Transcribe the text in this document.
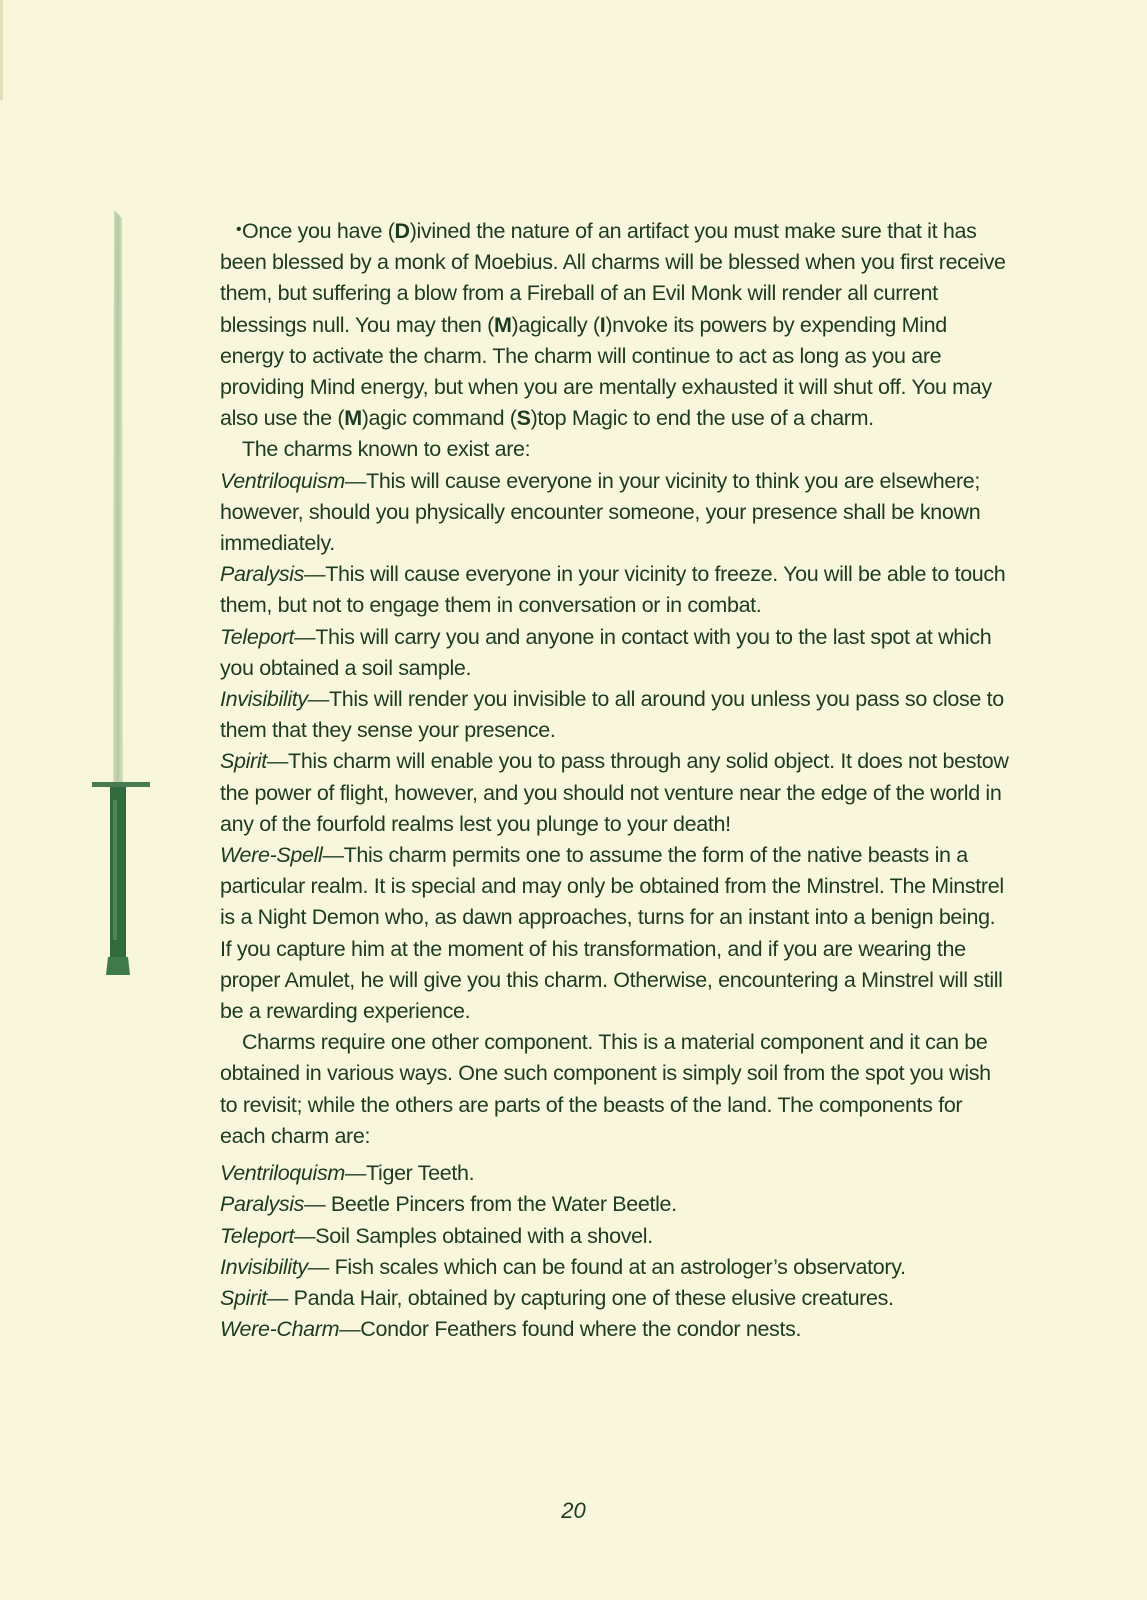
• Once you have (D)ivined the nature of an artifact you must make sure that it has been blessed by a monk of Moebius. All charms will be blessed when you first receive them, but suffering a blow from a Fireball of an Evil Monk will render all current blessings null. You may then (M)agically (I)nvoke its powers by expending Mind energy to activate the charm. The charm will continue to act as long as you are providing Mind energy, but when you are mentally exhausted it will shut off. You may also use the (M)agic command (S)top Magic to end the use of a charm.

The charms known to exist are:

Ventriloquism—This will cause everyone in your vicinity to think you are elsewhere; however, should you physically encounter someone, your presence shall be known immediately.

Paralysis—This will cause everyone in your vicinity to freeze. You will be able to touch them, but not to engage them in conversation or in combat.

Teleport—This will carry you and anyone in contact with you to the last spot at which you obtained a soil sample.

Invisibility—This will render you invisible to all around you unless you pass so close to them that they sense your presence.

Spirit—This charm will enable you to pass through any solid object. It does not bestow the power of flight, however, and you should not venture near the edge of the world in any of the fourfold realms lest you plunge to your death!

Were-Spell—This charm permits one to assume the form of the native beasts in a particular realm. It is special and may only be obtained from the Minstrel. The Minstrel is a Night Demon who, as dawn approaches, turns for an instant into a benign being. If you capture him at the moment of his transformation, and if you are wearing the proper Amulet, he will give you this charm. Otherwise, encountering a Minstrel will still be a rewarding experience.

Charms require one other component. This is a material component and it can be obtained in various ways. One such component is simply soil from the spot you wish to revisit; while the others are parts of the beasts of the land. The components for each charm are:

Ventriloquism—Tiger Teeth.

Paralysis— Beetle Pincers from the Water Beetle.

Teleport—Soil Samples obtained with a shovel.

Invisibility— Fish scales which can be found at an astrologer’s observatory.

Spirit— Panda Hair, obtained by capturing one of these elusive creatures.

Were-Charm—Condor Feathers found where the condor nests.

20
